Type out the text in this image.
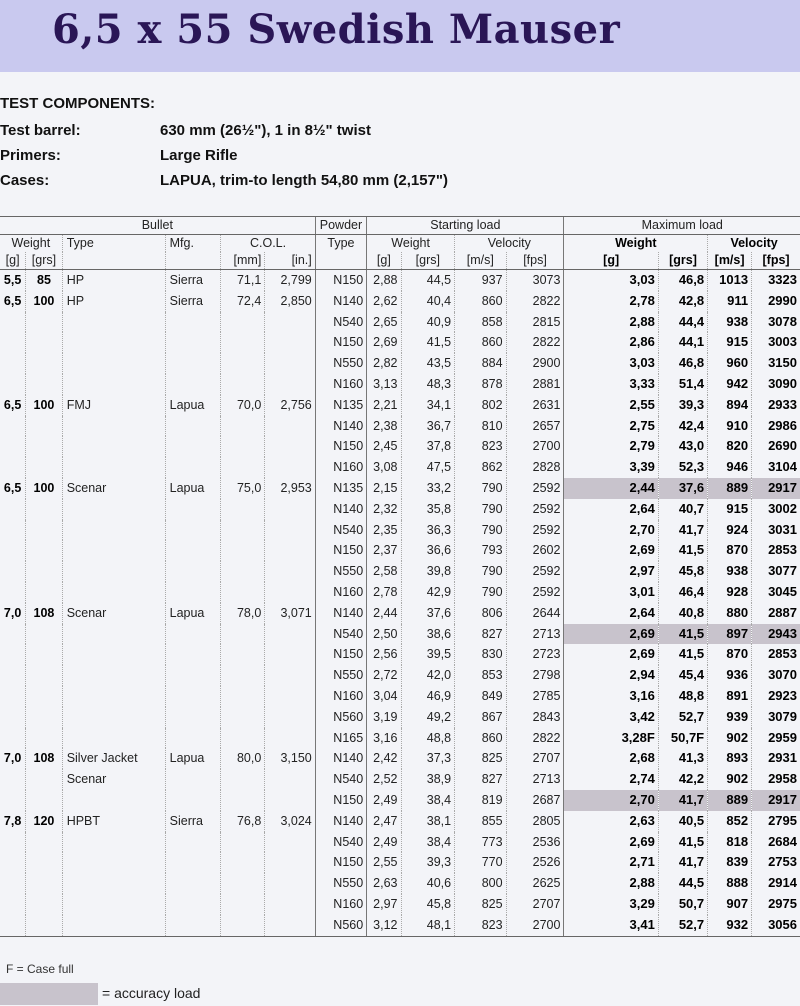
6,5 x 55 Swedish Mauser
TEST COMPONENTS:
Test barrel:	630 mm (26½"), 1 in 8½" twist
Primers:	Large Rifle
Cases:	LAPUA, trim-to length 54,80 mm (2,157")
Bullet						Powder	Starting load				Maximum load			
Weight		Type	Mfg.	C.O.L.		Type	Weight		Velocity		Weight		Velocity	
[g]	[grs]			[mm]	[in.]		[g]	[grs]	[m/s]	[fps]	[g]	[grs]	[m/s]	[fps]
5,5	85	HP	Sierra	71,1	2,799	N150	2,88	44,5	937	3073	3,03	46,8	1013	3323
6,5	100	HP	Sierra	72,4	2,850	N140	2,62	40,4	860	2822	2,78	42,8	911	2990
						N540	2,65	40,9	858	2815	2,88	44,4	938	3078
						N150	2,69	41,5	860	2822	2,86	44,1	915	3003
						N550	2,82	43,5	884	2900	3,03	46,8	960	3150
						N160	3,13	48,3	878	2881	3,33	51,4	942	3090
6,5	100	FMJ	Lapua	70,0	2,756	N135	2,21	34,1	802	2631	2,55	39,3	894	2933
						N140	2,38	36,7	810	2657	2,75	42,4	910	2986
						N150	2,45	37,8	823	2700	2,79	43,0	820	2690
						N160	3,08	47,5	862	2828	3,39	52,3	946	3104
6,5	100	Scenar	Lapua	75,0	2,953	N135	2,15	33,2	790	2592	2,44	37,6	889	2917
						N140	2,32	35,8	790	2592	2,64	40,7	915	3002
						N540	2,35	36,3	790	2592	2,70	41,7	924	3031
						N150	2,37	36,6	793	2602	2,69	41,5	870	2853
						N550	2,58	39,8	790	2592	2,97	45,8	938	3077
						N160	2,78	42,9	790	2592	3,01	46,4	928	3045
7,0	108	Scenar	Lapua	78,0	3,071	N140	2,44	37,6	806	2644	2,64	40,8	880	2887
						N540	2,50	38,6	827	2713	2,69	41,5	897	2943
						N150	2,56	39,5	830	2723	2,69	41,5	870	2853
						N550	2,72	42,0	853	2798	2,94	45,4	936	3070
						N160	3,04	46,9	849	2785	3,16	48,8	891	2923
						N560	3,19	49,2	867	2843	3,42	52,7	939	3079
						N165	3,16	48,8	860	2822	3,28F	50,7F	902	2959
7,0	108	Silver Jacket	Lapua	80,0	3,150	N140	2,42	37,3	825	2707	2,68	41,3	893	2931
		Scenar				N540	2,52	38,9	827	2713	2,74	42,2	902	2958
						N150	2,49	38,4	819	2687	2,70	41,7	889	2917
7,8	120	HPBT	Sierra	76,8	3,024	N140	2,47	38,1	855	2805	2,63	40,5	852	2795
						N540	2,49	38,4	773	2536	2,69	41,5	818	2684
						N150	2,55	39,3	770	2526	2,71	41,7	839	2753
						N550	2,63	40,6	800	2625	2,88	44,5	888	2914
						N160	2,97	45,8	825	2707	3,29	50,7	907	2975
						N560	3,12	48,1	823	2700	3,41	52,7	932	3056
F = Case full
= accuracy load
